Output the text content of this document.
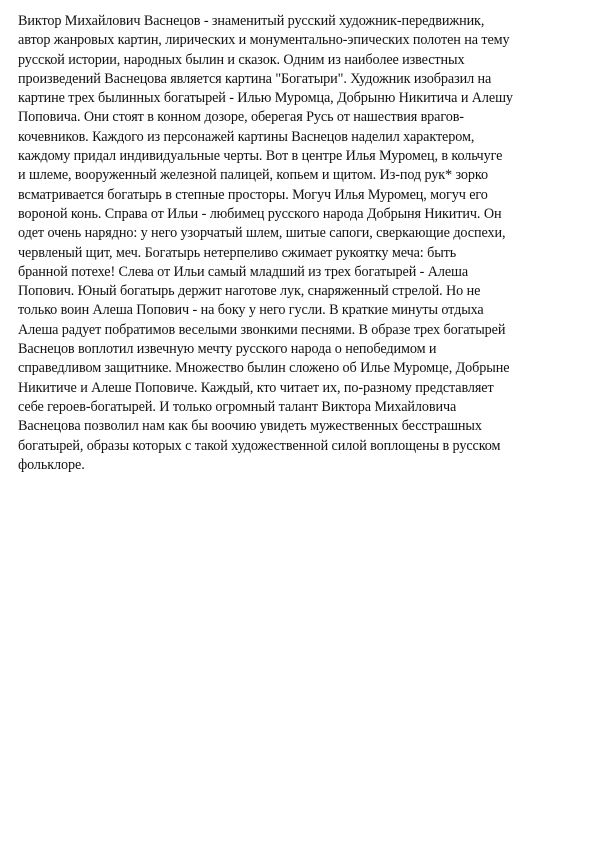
Виктор Михайлович Васнецов - знаменитый русский художник-передвижник,
автор жанровых картин, лирических и монументально-эпических полотен на тему
русской истории, народных былин и сказок. Одним из наиболее известных
произведений Васнецова является картина "Богатыри". Художник изобразил на
картине трех былинных богатырей - Илью Муромца, Добрыню Никитича и Алешу
Поповича. Они стоят в конном дозоре, оберегая Русь от нашествия врагов-
кочевников. Каждого из персонажей картины Васнецов наделил характером,
каждому придал индивидуальные черты. Вот в центре Илья Муромец, в кольчуге
и шлеме, вооруженный железной палицей, копьем и щитом. Из-под рук* зорко
всматривается богатырь в степные просторы. Могуч Илья Муромец, могуч его
вороной конь. Справа от Ильи - любимец русского народа Добрыня Никитич. Он
одет очень нарядно: у него узорчатый шлем, шитые сапоги, сверкающие доспехи,
червленый щит, меч. Богатырь нетерпеливо сжимает рукоятку меча: быть
бранной потехе! Слева от Ильи самый младший из трех богатырей - Алеша
Попович. Юный богатырь держит наготове лук, снаряженный стрелой. Но не
только воин Алеша Попович - на боку у него гусли. В краткие минуты отдыха
Алеша радует побратимов веселыми звонкими песнями. В образе трех богатырей
Васнецов воплотил извечную мечту русского народа о непобедимом и
справедливом защитнике. Множество былин сложено об Илье Муромце, Добрыне
Никитиче и Алеше Поповиче. Каждый, кто читает их, по-разному представляет
себе героев-богатырей. И только огромный талант Виктора Михайловича
Васнецова позволил нам как бы воочию увидеть мужественных бесстрашных
богатырей, образы которых с такой художественной силой воплощены в русском
фольклоре.
